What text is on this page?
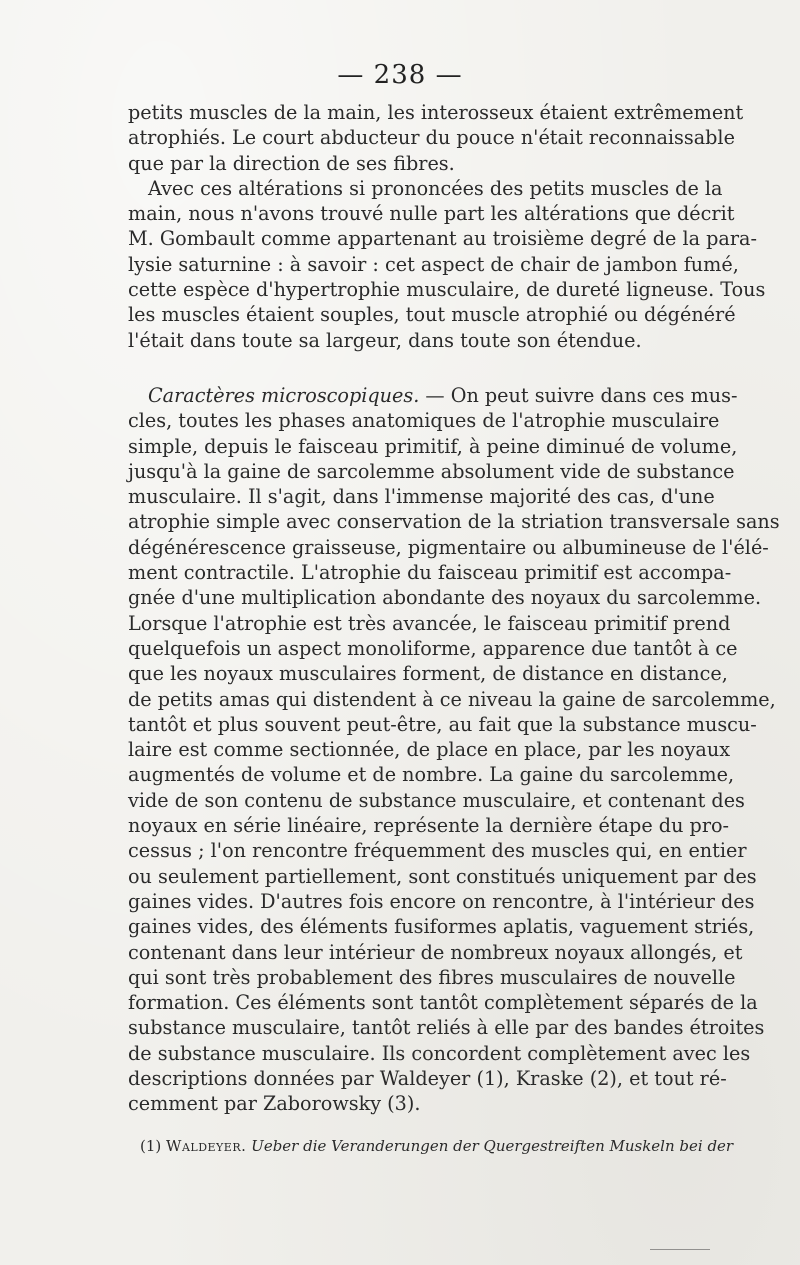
— 238 —
petits muscles de la main, les interosseux étaient extrêmement
atrophiés. Le court abducteur du pouce n'était reconnaissable
que par la direction de ses fibres.
Avec ces altérations si prononcées des petits muscles de la
main, nous n'avons trouvé nulle part les altérations que décrit
M. Gombault comme appartenant au troisième degré de la para-
lysie saturnine : à savoir : cet aspect de chair de jambon fumé,
cette espèce d'hypertrophie musculaire, de dureté ligneuse. Tous
les muscles étaient souples, tout muscle atrophié ou dégénéré
l'était dans toute sa largeur, dans toute son étendue.
Caractères microscopiques. — On peut suivre dans ces mus-
cles, toutes les phases anatomiques de l'atrophie musculaire
simple, depuis le faisceau primitif, à peine diminué de volume,
jusqu'à la gaine de sarcolemme absolument vide de substance
musculaire. Il s'agit, dans l'immense majorité des cas, d'une
atrophie simple avec conservation de la striation transversale sans
dégénérescence graisseuse, pigmentaire ou albumineuse de l'élé-
ment contractile. L'atrophie du faisceau primitif est accompa-
gnée d'une multiplication abondante des noyaux du sarcolemme.
Lorsque l'atrophie est très avancée, le faisceau primitif prend
quelquefois un aspect monoliforme, apparence due tantôt à ce
que les noyaux musculaires forment, de distance en distance,
de petits amas qui distendent à ce niveau la gaine de sarcolemme,
tantôt et plus souvent peut-être, au fait que la substance muscu-
laire est comme sectionnée, de place en place, par les noyaux
augmentés de volume et de nombre. La gaine du sarcolemme,
vide de son contenu de substance musculaire, et contenant des
noyaux en série linéaire, représente la dernière étape du pro-
cessus ; l'on rencontre fréquemment des muscles qui, en entier
ou seulement partiellement, sont constitués uniquement par des
gaines vides. D'autres fois encore on rencontre, à l'intérieur des
gaines vides, des éléments fusiformes aplatis, vaguement striés,
contenant dans leur intérieur de nombreux noyaux allongés, et
qui sont très probablement des fibres musculaires de nouvelle
formation. Ces éléments sont tantôt complètement séparés de la
substance musculaire, tantôt reliés à elle par des bandes étroites
de substance musculaire. Ils concordent complètement avec les
descriptions données par Waldeyer (1), Kraske (2), et tout ré-
cemment par Zaborowsky (3).
(1) Waldeyer. Ueber die Veranderungen der Quergestreiften Muskeln bei der
